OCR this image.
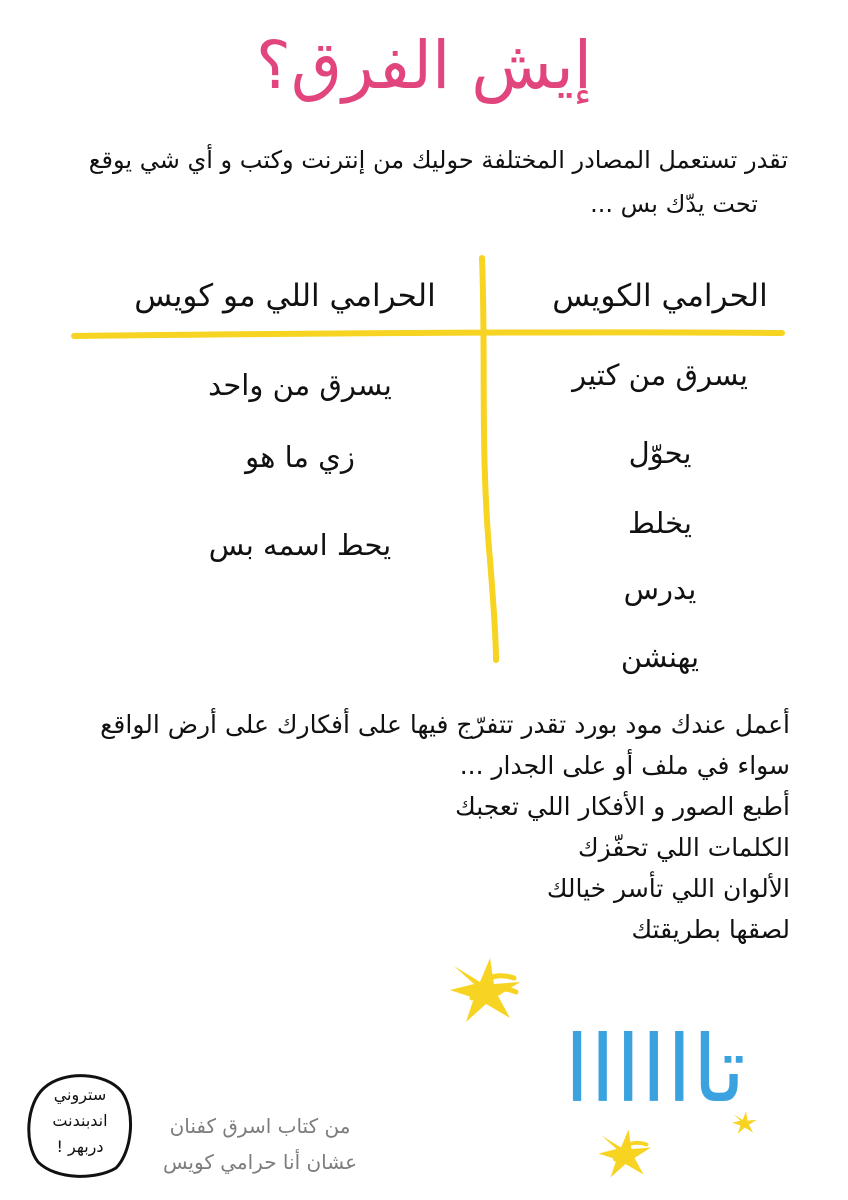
إيش الفرق؟
تقدر تستعمل المصادر المختلفة حوليك من إنترنت وكتب و أي شي يوقع
تحت يدّك بس ...
الحرامي الكويس
الحرامي اللي مو كويس
يسرق من كتير
يحوّل
يخلط
يدرس
يهنشن
يسرق من واحد
زي ما هو
يحط اسمه بس
أعمل عندك مود بورد تقدر تتفرّج فيها على أفكارك على أرض الواقع
سواء في ملف أو على الجدار ...
أطبع الصور و الأفكار اللي تعجبك
الكلمات اللي تحفّزك
الألوان اللي تأسر خيالك
لصقها بطريقتك
تاااااا
ستروني
اندبندنت
دربهر !
من كتاب اسرق كفنان
عشان أنا حرامي كويس
